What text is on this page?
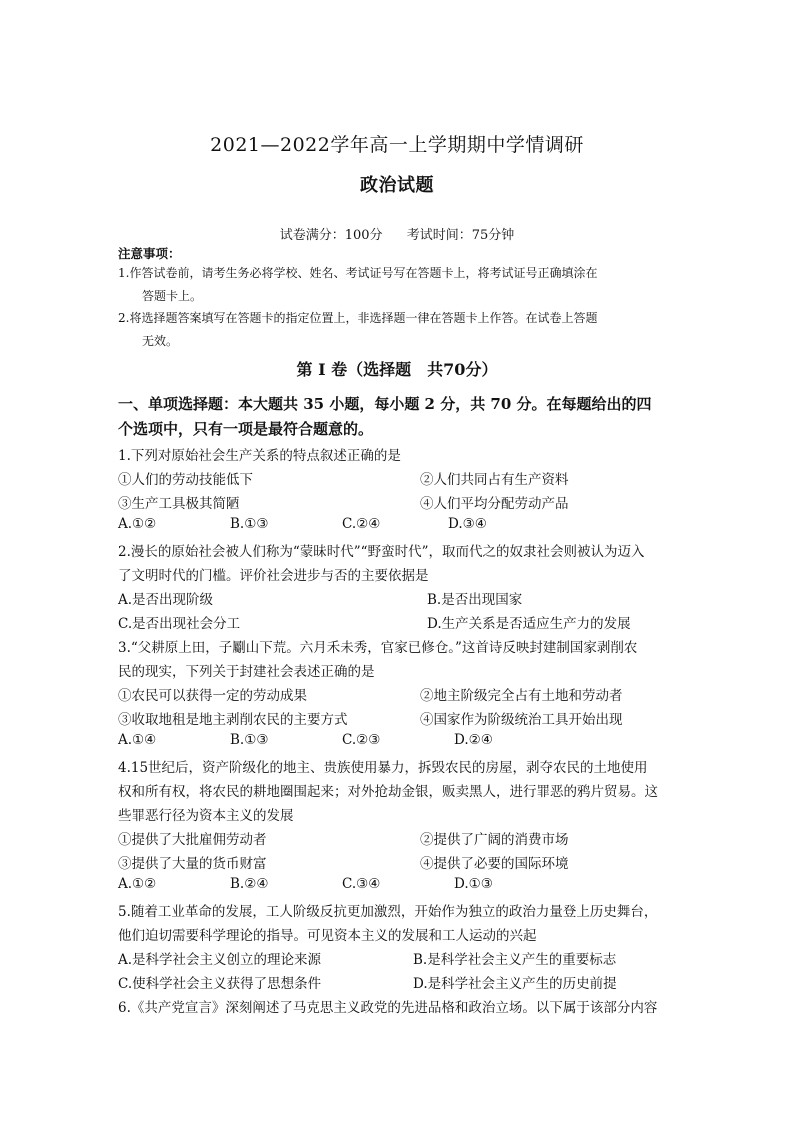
2021—2022学年高一上学期期中学情调研
政治试题
试卷满分：100分 考试时间：75分钟
注意事项：
1.作答试卷前，请考生务必将学校、姓名、考试证号写在答题卡上，将考试证号正确填涂在
答题卡上。
2.将选择题答案填写在答题卡的指定位置上，非选择题一律在答题卡上作答。在试卷上答题
无效。
第 Ⅰ 卷（选择题　共70分）
一、单项选择题：本大题共 35 小题，每小题 2 分，共 70 分。在每题给出的四
个选项中，只有一项是最符合题意的。
1.下列对原始社会生产关系的特点叙述正确的是
①人们的劳动技能低下	②人们共同占有生产资料
③生产工具极其简陋	④人们平均分配劳动产品
A.①②	B.①③	C.②④	D.③④
2.漫长的原始社会被人们称为“蒙昧时代”“野蛮时代”，取而代之的奴隶社会则被认为迈入
了文明时代的门槛。评价社会进步与否的主要依据是
A.是否出现阶级	B.是否出现国家
C.是否出现社会分工	D.生产关系是否适应生产力的发展
3.“父耕原上田，子劚山下荒。六月禾未秀，官家已修仓。”这首诗反映封建制国家剥削农
民的现实，下列关于封建社会表述正确的是
①农民可以获得一定的劳动成果	②地主阶级完全占有土地和劳动者
③收取地租是地主剥削农民的主要方式	④国家作为阶级统治工具开始出现
A.①④	B.①③	C.②③	D.②④
4.15世纪后，资产阶级化的地主、贵族使用暴力，拆毁农民的房屋，剥夺农民的土地使用
权和所有权，将农民的耕地圈围起来；对外抢劫金银，贩卖黑人，进行罪恶的鸦片贸易。这
些罪恶行径为资本主义的发展
①提供了大批雇佣劳动者	②提供了广阔的消费市场
③提供了大量的货币财富	④提供了必要的国际环境
A.①②	B.②④	C.③④	D.①③
5.随着工业革命的发展，工人阶级反抗更加激烈，开始作为独立的政治力量登上历史舞台，
他们迫切需要科学理论的指导。可见资本主义的发展和工人运动的兴起
A.是科学社会主义创立的理论来源	B.是科学社会主义产生的重要标志
C.使科学社会主义获得了思想条件	D.是科学社会主义产生的历史前提
6.《共产党宣言》深刻阐述了马克思主义政党的先进品格和政治立场。以下属于该部分内容
